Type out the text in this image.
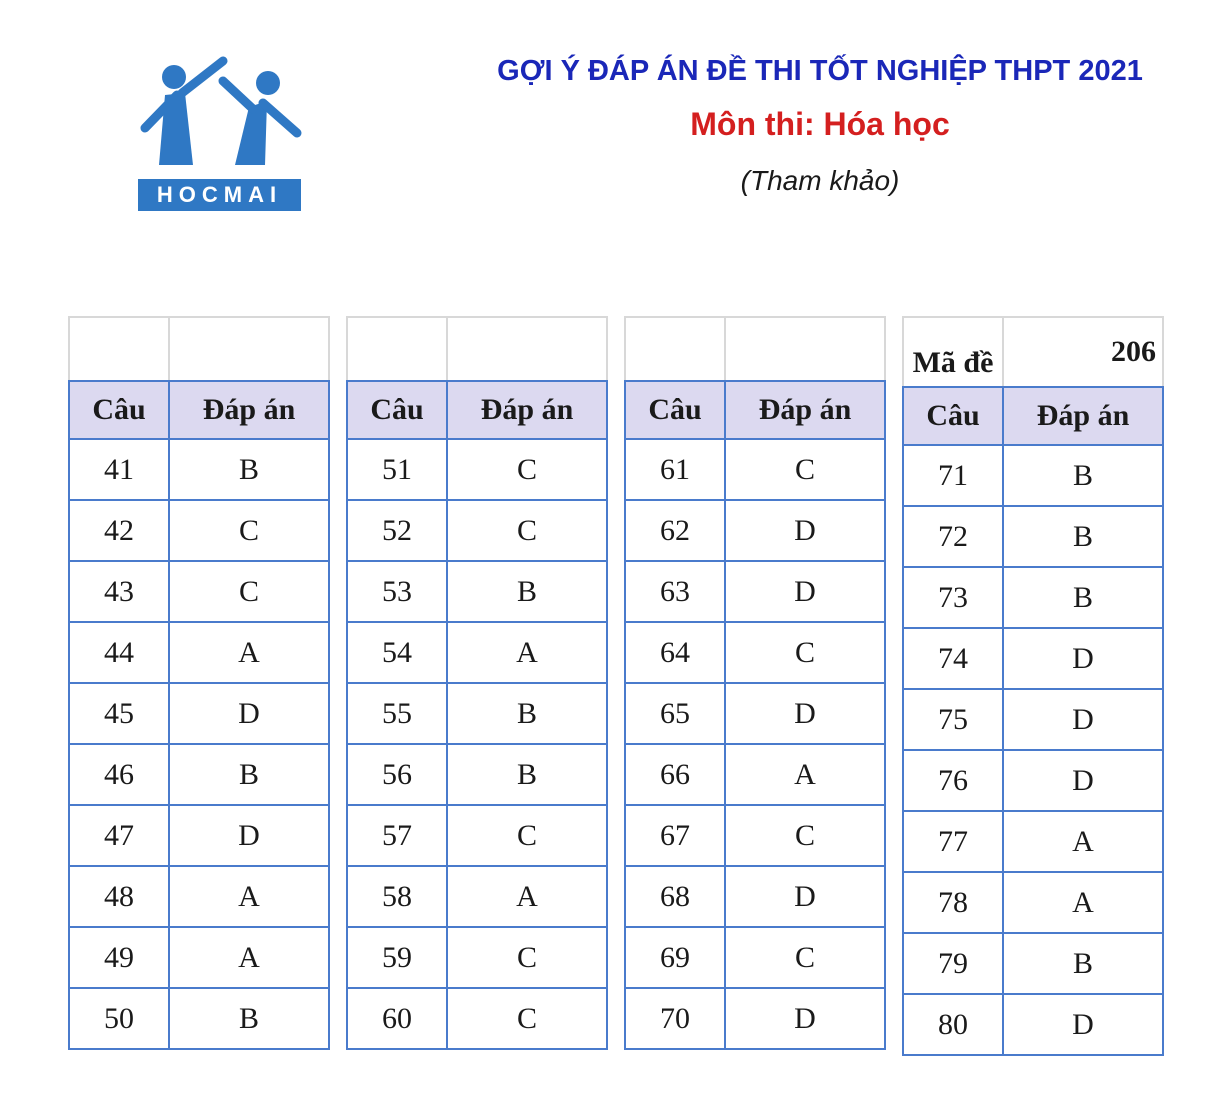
HOCMAI
GỢI Ý ĐÁP ÁN ĐỀ THI TỐT NGHIỆP THPT 2021
Môn thi: Hóa học
(Tham khảo)

Câu	Đáp án
41	B
42	C
43	C
44	A
45	D
46	B
47	D
48	A
49	A
50	B

Câu	Đáp án
51	C
52	C
53	B
54	A
55	B
56	B
57	C
58	A
59	C
60	C

Câu	Đáp án
61	C
62	D
63	D
64	C
65	D
66	A
67	C
68	D
69	C
70	D
Mã đề	206
Câu	Đáp án
71	B
72	B
73	B
74	D
75	D
76	D
77	A
78	A
79	B
80	D
